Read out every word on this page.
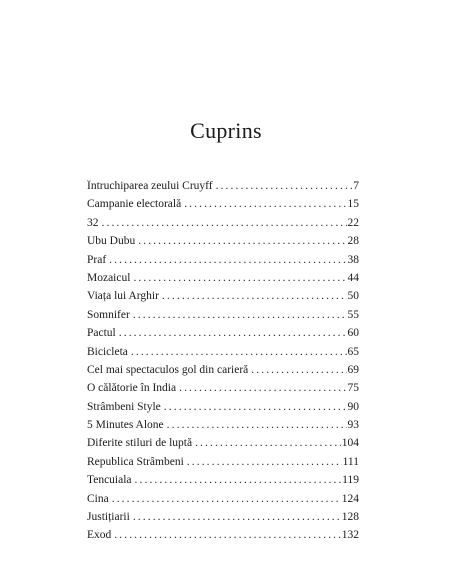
Cuprins
Întruchiparea zeului Cruyff .....	7
Campanie electorală .....	15
32 .....	22
Ubu Dubu .....	28
Praf .....	38
Mozaicul .....	44
Viața lui Arghir .....	50
Somnifer .....	55
Pactul .....	60
Bicicleta .....	65
Cel mai spectaculos gol din carieră .....	69
O călătorie în India .....	75
Strâmbeni Style .....	90
5 Minutes Alone .....	93
Diferite stiluri de luptă .....	104
Republica Strâmbeni .....	111
Tencuiala .....	119
Cina .....	124
Justițiarii .....	128
Exod .....	132
